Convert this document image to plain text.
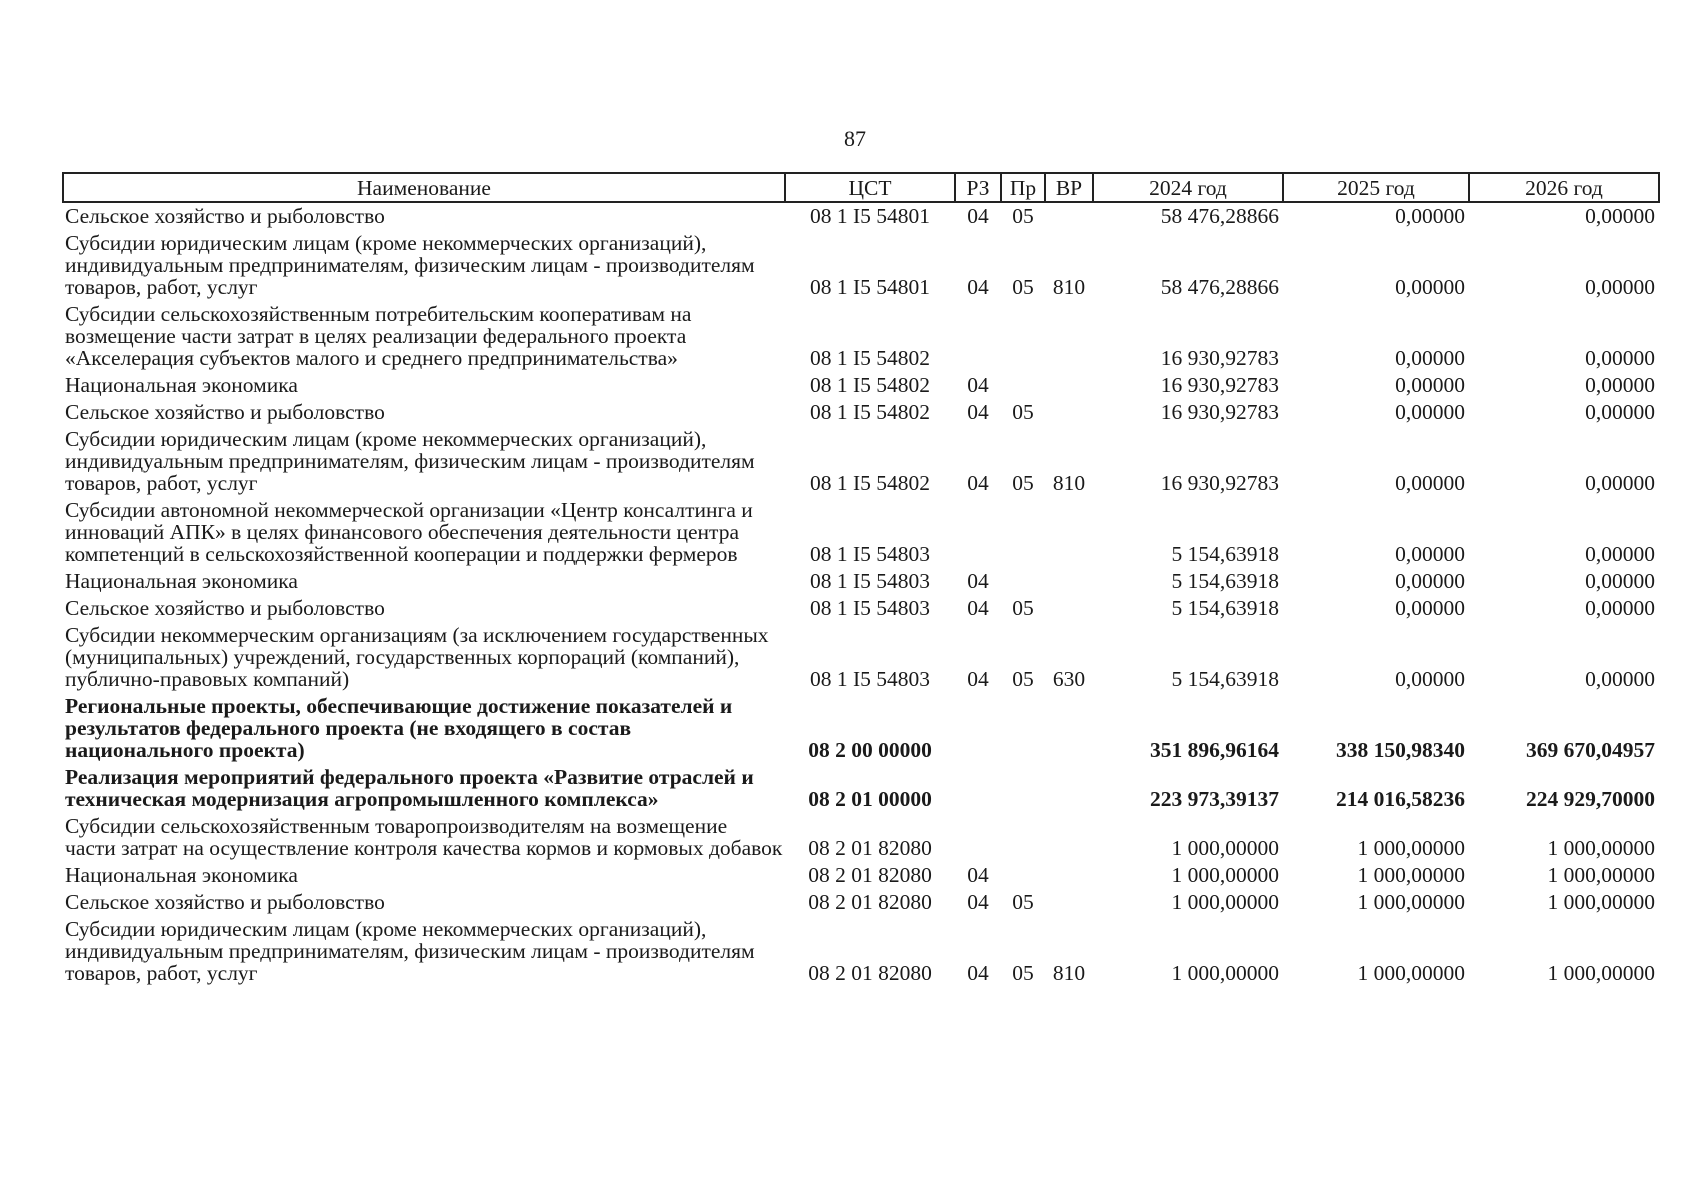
87
Наименование	ЦСТ	РЗ	Пр	ВР	2024 год	2025 год	2026 год
Сельское хозяйство и рыболовство	08 1 I5 54801	04	05		58 476,28866	0,00000	0,00000
Субсидии юридическим лицам (кроме некоммерческих организаций), индивидуальным предпринимателям, физическим лицам - производителям товаров, работ, услуг	08 1 I5 54801	04	05	810	58 476,28866	0,00000	0,00000
Субсидии сельскохозяйственным потребительским кооперативам на возмещение части затрат в целях реализации федерального проекта «Акселерация субъектов малого и среднего предпринимательства»	08 1 I5 54802				16 930,92783	0,00000	0,00000
Национальная экономика	08 1 I5 54802	04			16 930,92783	0,00000	0,00000
Сельское хозяйство и рыболовство	08 1 I5 54802	04	05		16 930,92783	0,00000	0,00000
Субсидии юридическим лицам (кроме некоммерческих организаций), индивидуальным предпринимателям, физическим лицам - производителям товаров, работ, услуг	08 1 I5 54802	04	05	810	16 930,92783	0,00000	0,00000
Субсидии автономной некоммерческой организации «Центр консалтинга и инноваций АПК» в целях финансового обеспечения деятельности центра компетенций в сельскохозяйственной кооперации и поддержки фермеров	08 1 I5 54803				5 154,63918	0,00000	0,00000
Национальная экономика	08 1 I5 54803	04			5 154,63918	0,00000	0,00000
Сельское хозяйство и рыболовство	08 1 I5 54803	04	05		5 154,63918	0,00000	0,00000
Субсидии некоммерческим организациям (за исключением государственных (муниципальных) учреждений, государственных корпораций (компаний), публично-правовых компаний)	08 1 I5 54803	04	05	630	5 154,63918	0,00000	0,00000
Региональные проекты, обеспечивающие достижение показателей и результатов федерального проекта (не входящего в состав национального проекта)	08 2 00 00000				351 896,96164	338 150,98340	369 670,04957
Реализация мероприятий федерального проекта «Развитие отраслей и техническая модернизация агропромышленного комплекса»	08 2 01 00000				223 973,39137	214 016,58236	224 929,70000
Субсидии сельскохозяйственным товаропроизводителям на возмещение части затрат на осуществление контроля качества кормов и кормовых добавок	08 2 01 82080				1 000,00000	1 000,00000	1 000,00000
Национальная экономика	08 2 01 82080	04			1 000,00000	1 000,00000	1 000,00000
Сельское хозяйство и рыболовство	08 2 01 82080	04	05		1 000,00000	1 000,00000	1 000,00000
Субсидии юридическим лицам (кроме некоммерческих организаций), индивидуальным предпринимателям, физическим лицам - производителям товаров, работ, услуг	08 2 01 82080	04	05	810	1 000,00000	1 000,00000	1 000,00000
